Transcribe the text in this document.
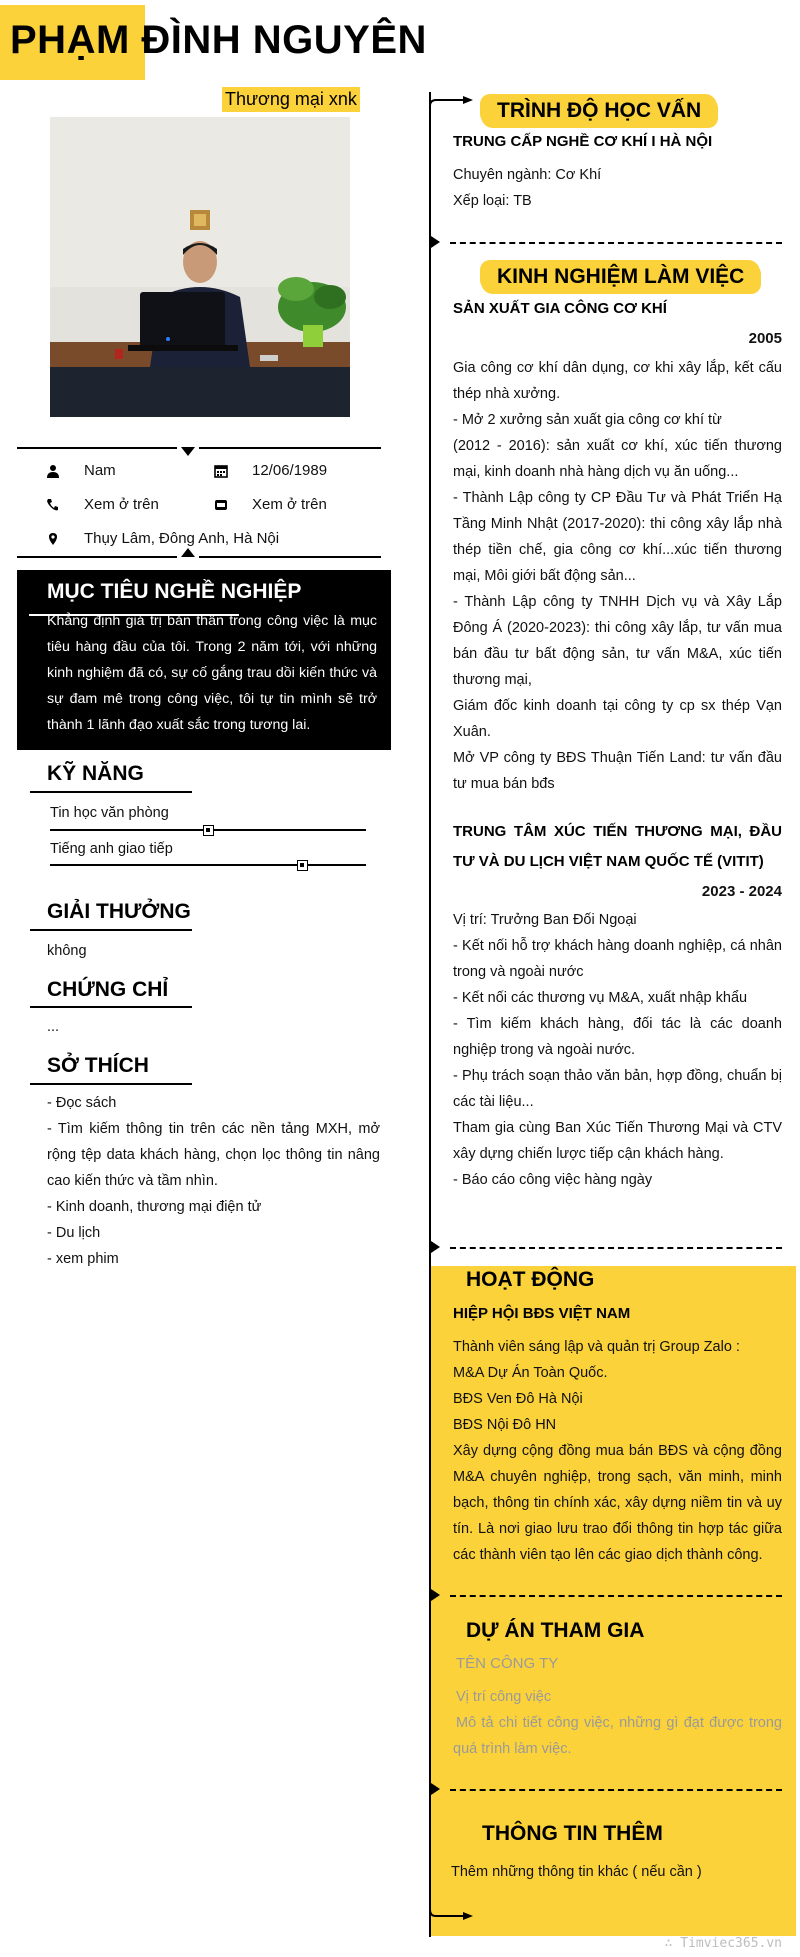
PHẠM ĐÌNH NGUYÊN
Thương mại xnk
Nam	12/06/1989
Xem ở trên	Xem ở trên
Thụy Lâm, Đông Anh, Hà Nội
MỤC TIÊU NGHỀ NGHIỆP

Khẳng định giá trị bản thân trong công việc là mục tiêu hàng đầu của tôi. Trong 2 năm tới, với những kinh nghiệm đã có, sự cố gắng trau dồi kiến thức và sự đam mê trong công việc, tôi tự tin mình sẽ trở thành 1 lãnh đạo xuất sắc trong tương lai.

KỸ NĂNG
Tin học văn phòng
Tiếng anh giao tiếp
GIẢI THƯỞNG
không
CHỨNG CHỈ
...
SỞ THÍCH

- Đọc sách

- Tìm kiếm thông tin trên các nền tảng MXH, mở rộng tệp data khách hàng, chọn lọc thông tin nâng cao kiến thức và tầm nhìn.

- Kinh doanh, thương mại điện tử

- Du lịch

- xem phim

TRÌNH ĐỘ HỌC VẤN
TRUNG CẤP NGHỀ CƠ KHÍ I HÀ NỘI

Chuyên ngành: Cơ Khí

Xếp loại: TB

KINH NGHIỆM LÀM VIỆC
SẢN XUẤT GIA CÔNG CƠ KHÍ
2005

Gia công cơ khí dân dụng, cơ khi xây lắp, kết cấu thép nhà xưởng.

- Mở 2 xưởng sản xuất gia công cơ khí từ

(2012 - 2016): sản xuất cơ khí, xúc tiến thương mại, kinh doanh nhà hàng dịch vụ ăn uống...

- Thành Lập công ty CP Đầu Tư và Phát Triển Hạ Tầng Minh Nhật (2017-2020): thi công xây lắp nhà thép tiền chế, gia công cơ khí...xúc tiến thương mại, Môi giới bất động sản...

- Thành Lập công ty TNHH Dịch vụ và Xây Lắp Đông Á (2020-2023): thi công xây lắp, tư vấn mua bán đầu tư bất động sản, tư vấn M&A, xúc tiến thương mại,

Giám đốc kinh doanh tại công ty cp sx thép Vạn Xuân.

Mở VP công ty BĐS Thuận Tiến Land: tư vấn đầu tư mua bán bđs

TRUNG TÂM XÚC TIẾN THƯƠNG MẠI, ĐẦU TƯ VÀ DU LỊCH VIỆT NAM QUỐC TẾ (VITIT)
2023 - 2024

Vị trí: Trưởng Ban Đối Ngoại

- Kết nối hỗ trợ khách hàng doanh nghiệp, cá nhân trong và ngoài nước

- Kết nối các thương vụ M&A, xuất nhập khẩu

- Tìm kiếm khách hàng, đối tác là các doanh nghiệp trong và ngoài nước.

- Phụ trách soạn thảo văn bản, hợp đồng, chuẩn bị các tài liệu...

Tham gia cùng Ban Xúc Tiến Thương Mại và CTV xây dựng chiến lược tiếp cận khách hàng.

- Báo cáo công việc hàng ngày

HOẠT ĐỘNG
HIỆP HỘI BĐS VIỆT NAM

Thành viên sáng lập và quản trị Group Zalo :

M&A Dự Án Toàn Quốc.

BĐS Ven Đô Hà Nội

BĐS Nội Đô HN

Xây dựng cộng đồng mua bán BĐS và cộng đồng M&A chuyên nghiệp, trong sạch, văn minh, minh bạch, thông tin chính xác, xây dựng niềm tin và uy tín. Là nơi giao lưu trao đổi thông tin hợp tác giữa các thành viên tạo lên các giao dịch thành công.

DỰ ÁN THAM GIA
TÊN CÔNG TY
Vị trí công việc
Mô tả chi tiết công việc, những gì đạt được trong quá trình làm việc.
THÔNG TIN THÊM
Thêm những thông tin khác ( nếu cần )
∴ Timviec365.vn
